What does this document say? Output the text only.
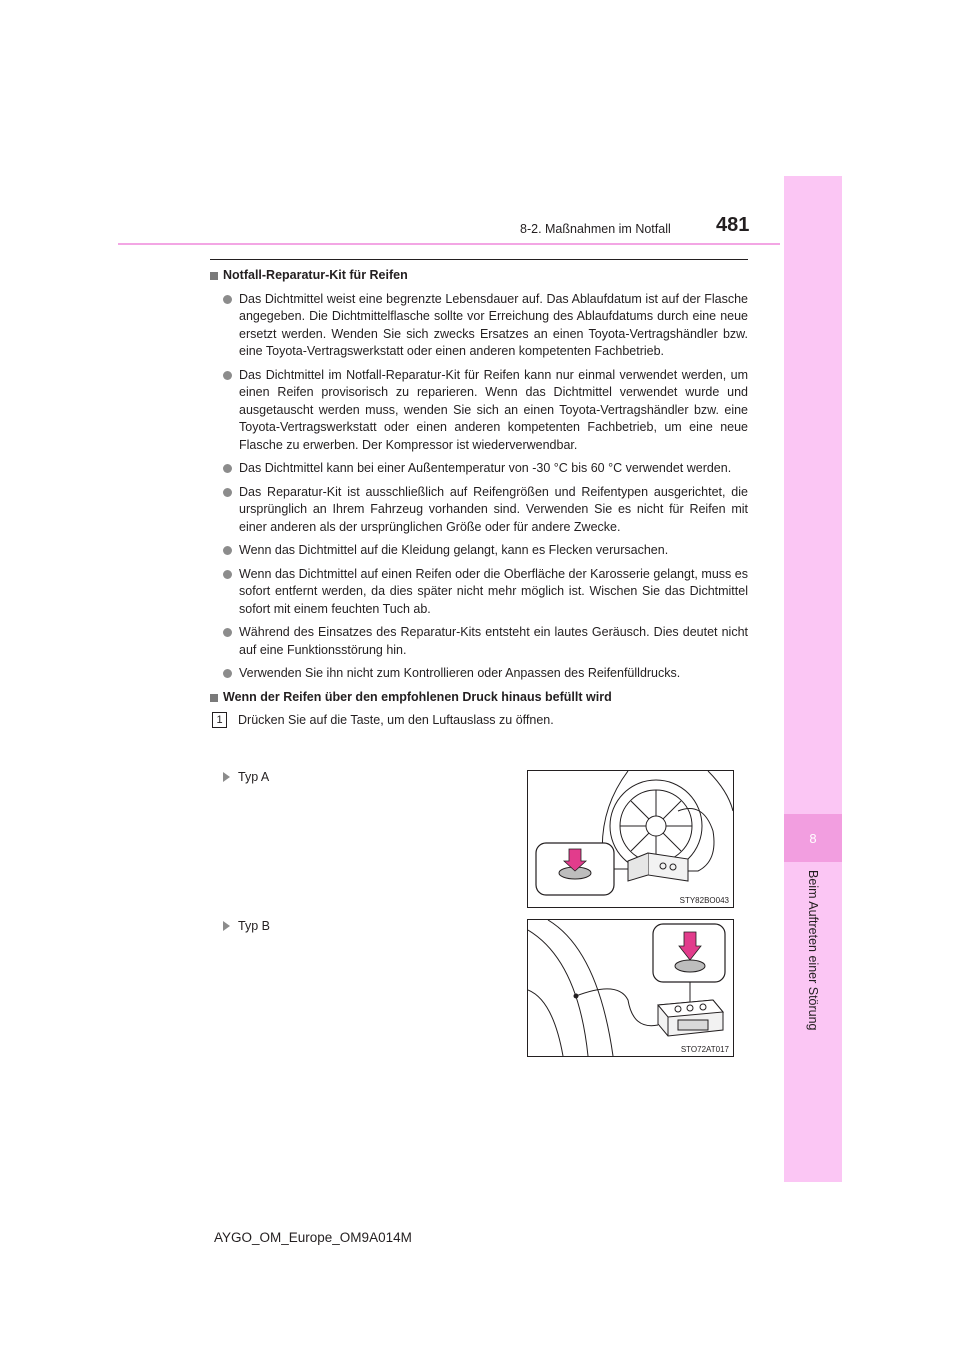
8-2. Maßnahmen im Notfall 481
8
Beim Auftreten einer Störung
Notfall-Reparatur-Kit für Reifen
Das Dichtmittel weist eine begrenzte Lebensdauer auf. Das Ablaufdatum ist auf der Flasche angegeben. Die Dichtmittelflasche sollte vor Erreichung des Ablaufdatums durch eine neue ersetzt werden. Wenden Sie sich zwecks Ersatzes an einen Toyota-Vertragshändler bzw. eine Toyota-Vertragswerkstatt oder einen anderen kompetenten Fachbetrieb.
Das Dichtmittel im Notfall-Reparatur-Kit für Reifen kann nur einmal verwendet werden, um einen Reifen provisorisch zu reparieren. Wenn das Dichtmittel verwendet wurde und ausgetauscht werden muss, wenden Sie sich an einen Toyota-Vertragshändler bzw. eine Toyota-Vertragswerkstatt oder einen anderen kompetenten Fachbetrieb, um eine neue Flasche zu erwerben. Der Kompressor ist wiederverwendbar.
Das Dichtmittel kann bei einer Außentemperatur von -30 °C bis 60 °C verwendet werden.
Das Reparatur-Kit ist ausschließlich auf Reifengrößen und Reifentypen ausgerichtet, die ursprünglich an Ihrem Fahrzeug vorhanden sind. Verwenden Sie es nicht für Reifen mit einer anderen als der ursprünglichen Größe oder für andere Zwecke.
Wenn das Dichtmittel auf die Kleidung gelangt, kann es Flecken verursachen.
Wenn das Dichtmittel auf einen Reifen oder die Oberfläche der Karosserie gelangt, muss es sofort entfernt werden, da dies später nicht mehr möglich ist. Wischen Sie das Dichtmittel sofort mit einem feuchten Tuch ab.
Während des Einsatzes des Reparatur-Kits entsteht ein lautes Geräusch. Dies deutet nicht auf eine Funktionsstörung hin.
Verwenden Sie ihn nicht zum Kontrollieren oder Anpassen des Reifenfülldrucks.
Wenn der Reifen über den empfohlenen Druck hinaus befüllt wird
1	Drücken Sie auf die Taste, um den Luftauslass zu öffnen.
Typ A
Typ B
STY82BO043
STO72AT017
AYGO_OM_Europe_OM9A014M
